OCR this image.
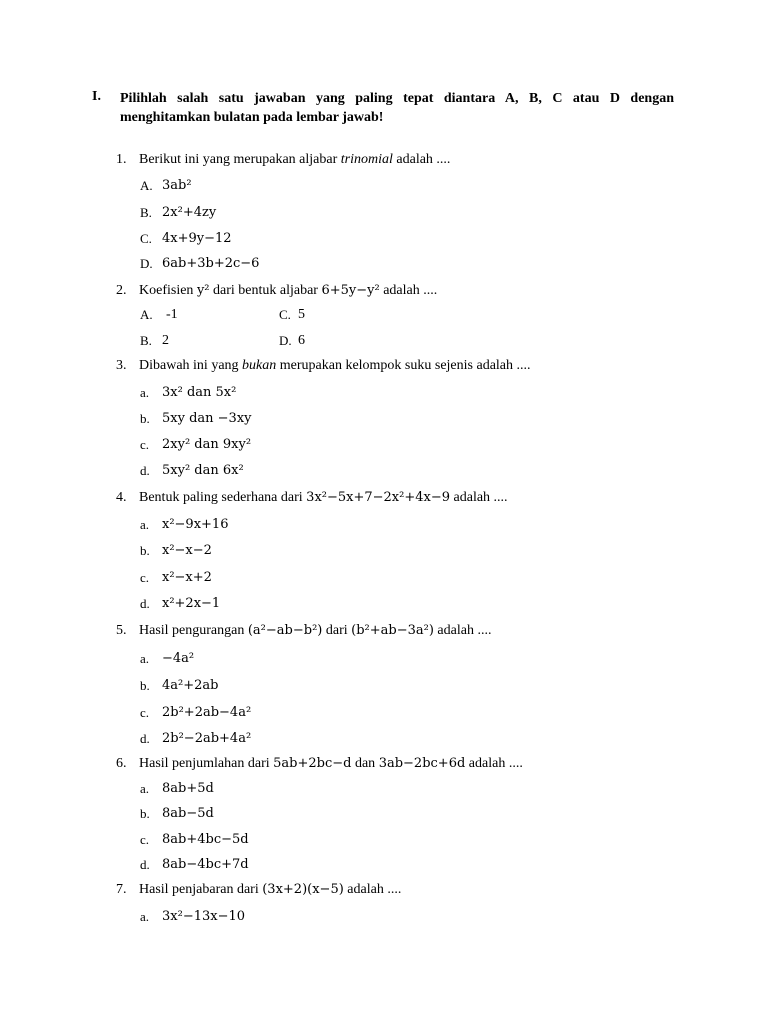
I. Pilihlah salah satu jawaban yang paling tepat diantara A, B, C atau D dengan menghitamkan bulatan pada lembar jawab!
1. Berikut ini yang merupakan aljabar trinomial adalah ....
A. 3ab²
B. 2x²+4zy
C. 4x+9y−12
D. 6ab+3b+2c−6
2. Koefisien y² dari bentuk aljabar 6+5y−y² adalah ....
A. -1	C. 5
B. 2	D. 6
3. Dibawah ini yang bukan merupakan kelompok suku sejenis adalah ....
a. 3x² dan 5x²
b. 5xy dan −3xy
c. 2xy² dan 9xy²
d. 5xy² dan 6x²
4. Bentuk paling sederhana dari 3x²−5x+7−2x²+4x−9 adalah ....
a. x²−9x+16
b. x²−x−2
c. x²−x+2
d. x²+2x−1
5. Hasil pengurangan (a²−ab−b²) dari (b²+ab−3a²) adalah ....
a. −4a²
b. 4a²+2ab
c. 2b²+2ab−4a²
d. 2b²−2ab+4a²
6. Hasil penjumlahan dari 5ab+2bc−d dan 3ab−2bc+6d adalah ....
a. 8ab+5d
b. 8ab−5d
c. 8ab+4bc−5d
d. 8ab−4bc+7d
7. Hasil penjabaran dari (3x+2)(x−5) adalah ....
a. 3x²−13x−10
